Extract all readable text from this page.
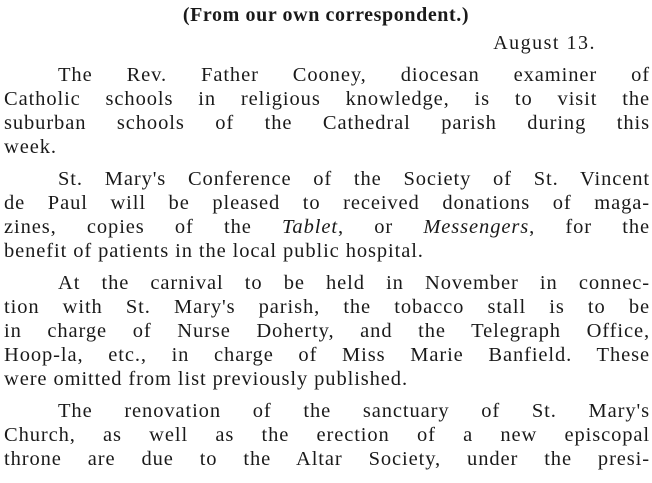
(From our own correspondent.)
August 13.
The Rev. Father Cooney, diocesan examiner of
Catholic schools in religious knowledge, is to visit the
suburban schools of the Cathedral parish during this
week.
St. Mary's Conference of the Society of St. Vincent
de Paul will be pleased to received donations of maga-
zines, copies of the Tablet, or Messengers, for the
benefit of patients in the local public hospital.
At the carnival to be held in November in connec-
tion with St. Mary's parish, the tobacco stall is to be
in charge of Nurse Doherty, and the Telegraph Office,
Hoop-la, etc., in charge of Miss Marie Banfield. These
were omitted from list previously published.
The renovation of the sanctuary of St. Mary's
Church, as well as the erection of a new episcopal
throne are due to the Altar Society, under the presi-
